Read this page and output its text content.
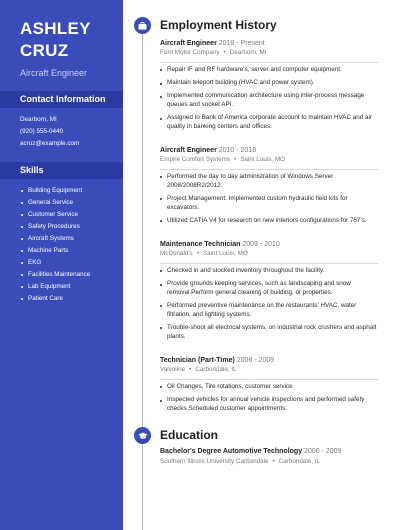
ASHLEY
CRUZ
Aircraft Engineer
Contact Information
Dearborn, MI
(920) 555-0440
acruz@example.com
Skills
Building Equipment
General Service
Customer Service
Safety Procedures
Aircraft Systems
Machine Parts
EKG
Facilities Maintenance
Lab Equipment
Patient Care
Employment History
Aircraft Engineer 2018 - Present
Ford Motor Company • Dearborn, MI
Repair IF and RF hardware's, server and computer equipment.
Maintain teleport building (HVAC and power system).
Implemented communication architecture using inter-process message queues and socket API.
Assigned to Bank of America corporate account to maintain HVAC and air quality in banking centers and offices.
Aircraft Engineer 2010 - 2018
Empire Comfort Systems • Saint Louis, MO
Performed the day to day administration of Windows Server 2008/2008R2/2012.
Project Management: Implemented custom hydraulic field kits for excavators.
Utilized CATIA V4 for research on new interiors configurations for 767's.
Maintenance Technician 2009 - 2010
McDonald's • Saint Louis, MO
Checked in and stocked inventory throughout the facility.
Provide grounds keeping services, such as landscaping and snow removal.Perform general cleaning of building, or properties.
Performed preventive maintenance on the restaurants' HVAC, water filtration, and lighting systems.
Trouble-shoot all electrical systems, on industrial rock crushers and asphalt plants.
Technician (Part-Time) 2008 - 2009
Valvoline • Carbondale, IL
Oil Changes, Tire rotations, customer service
Inspected vehicles for annual vehicle inspections and performed safety checks Scheduled customer appointments.
Education
Bachelor's Degree Automotive Technology 2006 - 2009
Southern Illinois University Carbondale • Carbondale, IL
